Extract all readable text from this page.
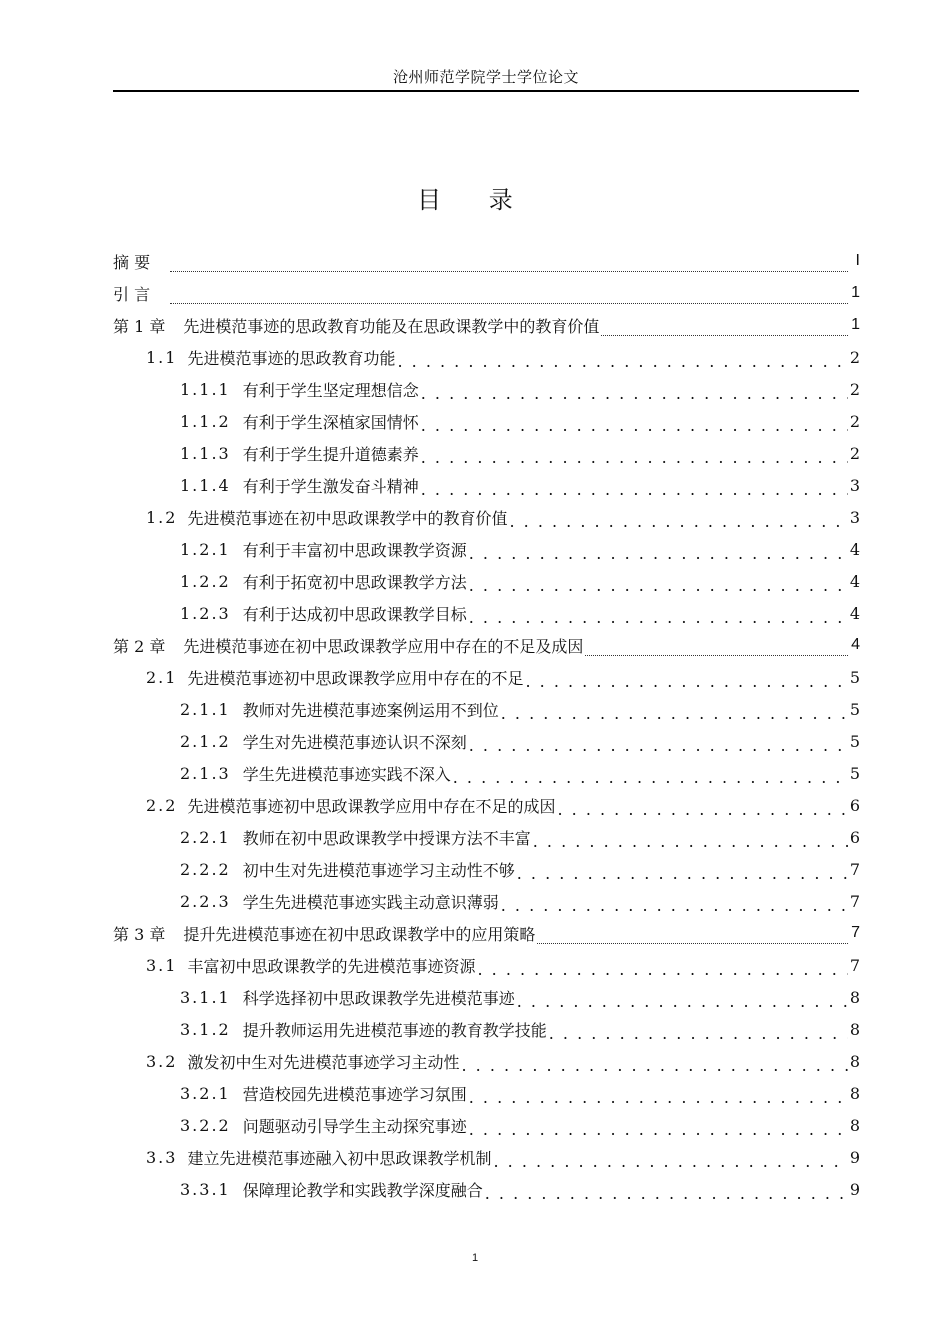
沧州师范学院学士学位论文
目 录
摘 要	I
引 言	1
第 1 章 先进模范事迹的思政教育功能及在思政课教学中的教育价值	1
1.1 先进模范事迹的思政教育功能 . . .	2
1.1.1 有利于学生坚定理想信念 . . .	2
1.1.2 有利于学生深植家国情怀 . . .	2
1.1.3 有利于学生提升道德素养 . . .	2
1.1.4 有利于学生激发奋斗精神 . . .	3
1.2 先进模范事迹在初中思政课教学中的教育价值 . . .	3
1.2.1 有利于丰富初中思政课教学资源 . . .	4
1.2.2 有利于拓宽初中思政课教学方法 . . .	4
1.2.3 有利于达成初中思政课教学目标 . . .	4
第 2 章 先进模范事迹在初中思政课教学应用中存在的不足及成因	4
2.1 先进模范事迹初中思政课教学应用中存在的不足 . . .	5
2.1.1 教师对先进模范事迹案例运用不到位 . . .	5
2.1.2 学生对先进模范事迹认识不深刻 . . .	5
2.1.3 学生先进模范事迹实践不深入 . . .	5
2.2 先进模范事迹初中思政课教学应用中存在不足的成因 . . .	6
2.2.1 教师在初中思政课教学中授课方法不丰富 . . .	6
2.2.2 初中生对先进模范事迹学习主动性不够 . . .	7
2.2.3 学生先进模范事迹实践主动意识薄弱 . . .	7
第 3 章 提升先进模范事迹在初中思政课教学中的应用策略	7
3.1 丰富初中思政课教学的先进模范事迹资源 . . .	7
3.1.1 科学选择初中思政课教学先进模范事迹 . . .	8
3.1.2 提升教师运用先进模范事迹的教育教学技能 . . .	8
3.2 激发初中生对先进模范事迹学习主动性 . . .	8
3.2.1 营造校园先进模范事迹学习氛围 . . .	8
3.2.2 问题驱动引导学生主动探究事迹 . . .	8
3.3 建立先进模范事迹融入初中思政课教学机制 . . .	9
3.3.1 保障理论教学和实践教学深度融合 . . .	9
1
